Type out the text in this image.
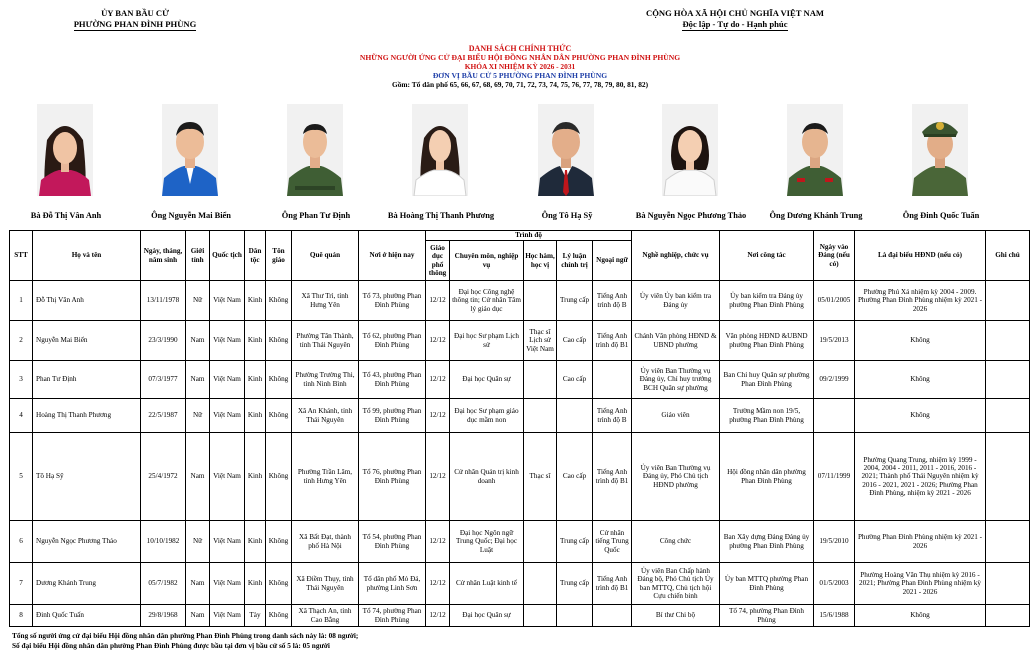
ỦY BAN BẦU CỬ
PHƯỜNG PHAN ĐÌNH PHÙNG
CỘNG HÒA XÃ HỘI CHỦ NGHĨA VIỆT NAM
Độc lập - Tự do - Hạnh phúc
DANH SÁCH CHÍNH THỨC
NHỮNG NGƯỜI ỨNG CỬ ĐẠI BIỂU HỘI ĐỒNG NHÂN DÂN PHƯỜNG PHAN ĐÌNH PHÙNG
KHÓA XI NHIỆM KỲ 2026 - 2031
ĐƠN VỊ BẦU CỬ 5 PHƯỜNG PHAN ĐÌNH PHÙNG
Gồm: Tổ dân phố 65, 66, 67, 68, 69, 70, 71, 72, 73, 74, 75, 76, 77, 78, 79, 80, 81, 82)
Bà Đỗ Thị Vân Anh	Ông Nguyễn Mai Biển	Ông Phan Tư Định	Bà Hoàng Thị Thanh Phương	Ông Tô Hạ Sỹ	Bà Nguyễn Ngọc Phương Thảo	Ông Dương Khánh Trung	Ông Đinh Quốc Tuấn
STT	Họ và tên	Ngày, tháng, năm sinh	Giới tính	Quốc tịch	Dân tộc	Tôn giáo	Quê quán	Nơi ở hiện nay	Trình độ					Nghề nghiệp, chức vụ	Nơi công tác	Ngày vào Đảng (nếu có)	Là đại biểu HĐND (nếu có)	Ghi chú
									Giáo dục phổ thông	Chuyên môn, nghiệp vụ	Học hàm, học vị	Lý luận chính trị	Ngoại ngữ					
1	Đỗ Thị Vân Anh	13/11/1978	Nữ	Việt Nam	Kinh	Không	Xã Thư Trì, tỉnh Hưng Yên	Tổ 73, phường Phan Đình Phùng	12/12	Đại học Công nghệ thông tin; Cử nhân Tâm lý giáo dục		Trung cấp	Tiếng Anh trình độ B	Ủy viên Ủy ban kiểm tra Đảng ủy	Ủy ban kiểm tra Đảng ủy phường Phan Đình Phùng	05/01/2005	Phường Phú Xá nhiệm kỳ 2004 - 2009. Phường Phan Đình Phùng nhiệm kỳ 2021 - 2026	
2	Nguyễn Mai Biển	23/3/1990	Nam	Việt Nam	Kinh	Không	Phường Tân Thành, tỉnh Thái Nguyên	Tổ 62, phường Phan Đình Phùng	12/12	Đại học Sư phạm Lịch sử	Thạc sĩ Lịch sử Việt Nam	Cao cấp	Tiếng Anh trình độ B1	Chánh Văn phòng HĐND & UBND phường	Văn phòng HĐND &UBND phường Phan Đình Phùng	19/5/2013	Không	
3	Phan Tư Định	07/3/1977	Nam	Việt Nam	Kinh	Không	Phường Trường Thi, tỉnh Ninh Bình	Tổ 43, phường Phan Đình Phùng	12/12	Đại học Quân sự		Cao cấp		Ủy viên Ban Thường vụ Đảng ủy, Chỉ huy trưởng BCH Quân sự phường	Ban Chỉ huy Quân sự phường Phan Đình Phùng	09/2/1999	Không	
4	Hoàng Thị Thanh Phương	22/5/1987	Nữ	Việt Nam	Kinh	Không	Xã An Khánh, tỉnh Thái Nguyên	Tổ 99, phường Phan Đình Phùng	12/12	Đại học Sư phạm giáo dục mầm non			Tiếng Anh trình độ B	Giáo viên	Trường Mầm non 19/5, phường Phan Đình Phùng		Không	
5	Tô Hạ Sỹ	25/4/1972	Nam	Việt Nam	Kinh	Không	Phường Trần Lãm, tỉnh Hưng Yên	Tổ 76, phường Phan Đình Phùng	12/12	Cử nhân Quản trị kinh doanh	Thạc sĩ	Cao cấp	Tiếng Anh trình độ B1	Ủy viên Ban Thường vụ Đảng ủy, Phó Chủ tịch HĐND phường	Hội đồng nhân dân phường Phan Đình Phùng	07/11/1999	Phường Quang Trung, nhiệm kỳ 1999 - 2004, 2004 - 2011, 2011 - 2016, 2016 - 2021; Thành phố Thái Nguyên nhiệm kỳ 2016 - 2021, 2021 - 2026; Phường Phan Đình Phùng, nhiệm kỳ 2021 - 2026	
6	Nguyễn Ngọc Phương Thảo	10/10/1982	Nữ	Việt Nam	Kinh	Không	Xã Bất Đạt, thành phố Hà Nội	Tổ 54, phường Phan Đình Phùng	12/12	Đại học Ngôn ngữ Trung Quốc; Đại học Luật		Trung cấp	Cử nhân tiếng Trung Quốc	Công chức	Ban Xây dựng Đảng Đảng ủy phường Phan Đình Phùng	19/5/2010	Phường Phan Đình Phùng nhiệm kỳ 2021 - 2026	
7	Dương Khánh Trung	05/7/1982	Nam	Việt Nam	Kinh	Không	Xã Điềm Thụy, tỉnh Thái Nguyên	Tổ dân phố Mỏ Đá, phường Linh Sơn	12/12	Cử nhân Luật kinh tế		Trung cấp	Tiếng Anh trình độ B1	Ủy viên Ban Chấp hành Đảng bộ, Phó Chủ tịch Ủy ban MTTQ, Chủ tịch hội Cựu chiến binh	Ủy ban MTTQ phường Phan Đình Phùng	01/5/2003	Phường Hoàng Văn Thụ nhiệm kỳ 2016 - 2021; Phường Phan Đình Phùng nhiệm kỳ 2021 - 2026	
8	Đinh Quốc Tuấn	29/8/1968	Nam	Việt Nam	Tày	Không	Xã Thạch An, tỉnh Cao Bằng	Tổ 74, phường Phan Đình Phùng	12/12	Đại học Quân sự				Bí thư Chi bộ	Tổ 74, phường Phan Đình Phùng	15/6/1988	Không	
Tổng số người ứng cử đại biểu Hội đồng nhân dân phường Phan Đình Phùng trong danh sách này là: 08 người;
Số đại biểu Hội đồng nhân dân phường Phan Đình Phùng được bầu tại đơn vị bầu cử số 5 là: 05 người
